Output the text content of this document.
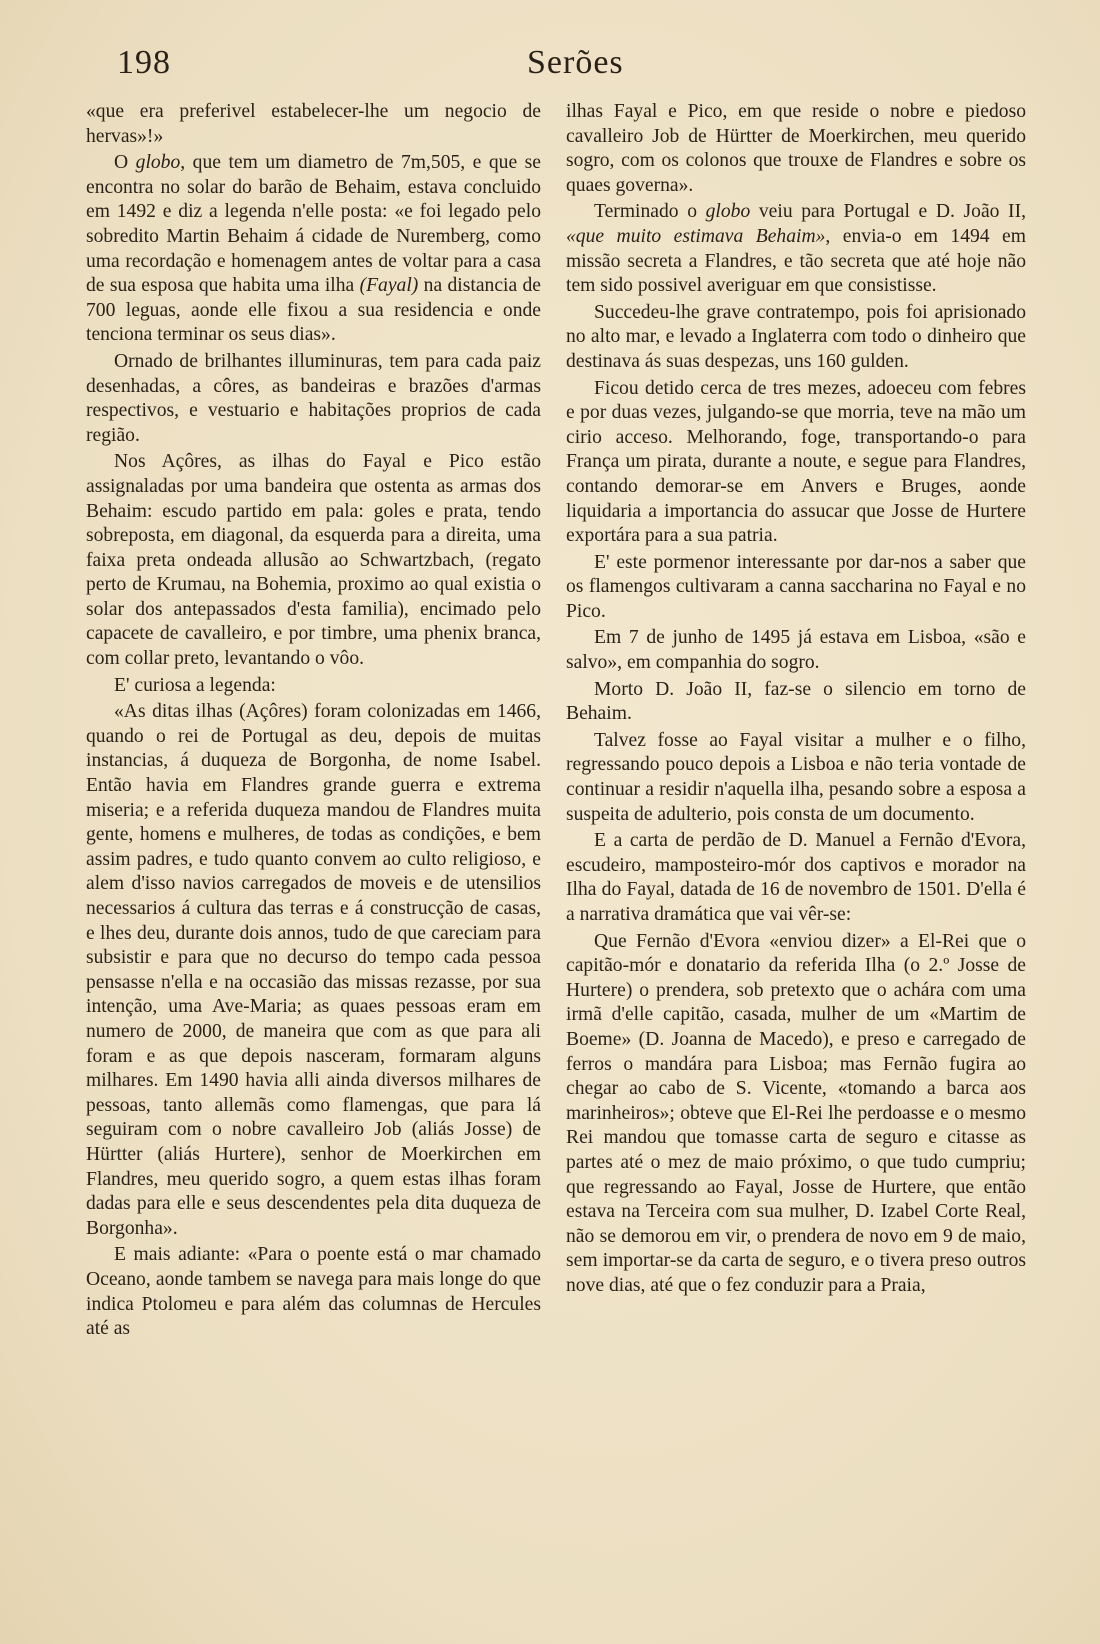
198	Serões

«que era preferivel estabelecer-lhe um negocio de hervas»!»

O globo, que tem um diametro de 7m,505, e que se encontra no solar do barão de Behaim, estava concluido em 1492 e diz a legenda n'elle posta: «e foi legado pelo sobredito Martin Behaim á cidade de Nuremberg, como uma recordação e homenagem antes de voltar para a casa de sua esposa que habita uma ilha (Fayal) na distancia de 700 leguas, aonde elle fixou a sua residencia e onde tenciona terminar os seus dias».

Ornado de brilhantes illuminuras, tem para cada paiz desenhadas, a côres, as bandeiras e brazões d'armas respectivos, e vestuario e habitações proprios de cada região.

Nos Açôres, as ilhas do Fayal e Pico estão assignaladas por uma bandeira que ostenta as armas dos Behaim: escudo partido em pala: goles e prata, tendo sobreposta, em diagonal, da esquerda para a direita, uma faixa preta ondeada allusão ao Schwartzbach, (regato perto de Krumau, na Bohemia, proximo ao qual existia o solar dos antepassados d'esta familia), encimado pelo capacete de cavalleiro, e por timbre, uma phenix branca, com collar preto, levantando o vôo.

E' curiosa a legenda:

«As ditas ilhas (Açôres) foram colonizadas em 1466, quando o rei de Portugal as deu, depois de muitas instancias, á duqueza de Borgonha, de nome Isabel. Então havia em Flandres grande guerra e extrema miseria; e a referida duqueza mandou de Flandres muita gente, homens e mulheres, de todas as condições, e bem assim padres, e tudo quanto convem ao culto religioso, e alem d'isso navios carregados de moveis e de utensilios necessarios á cultura das terras e á construcção de casas, e lhes deu, durante dois annos, tudo de que careciam para subsistir e para que no decurso do tempo cada pessoa pensasse n'ella e na occasião das missas rezasse, por sua intenção, uma Ave-Maria; as quaes pessoas eram em numero de 2000, de maneira que com as que para ali foram e as que depois nasceram, formaram alguns milhares. Em 1490 havia alli ainda diversos milhares de pessoas, tanto allemãs como flamengas, que para lá seguiram com o nobre cavalleiro Job (aliás Josse) de Hürtter (aliás Hurtere), senhor de Moerkirchen em Flandres, meu querido sogro, a quem estas ilhas foram dadas para elle e seus descendentes pela dita duqueza de Borgonha».

E mais adiante: «Para o poente está o mar chamado Oceano, aonde tambem se navega para mais longe do que indica Ptolomeu e para além das columnas de Hercules até as

ilhas Fayal e Pico, em que reside o nobre e piedoso cavalleiro Job de Hürtter de Moerkirchen, meu querido sogro, com os colonos que trouxe de Flandres e sobre os quaes governa».

Terminado o globo veiu para Portugal e D. João II, «que muito estimava Behaim», envia-o em 1494 em missão secreta a Flandres, e tão secreta que até hoje não tem sido possivel averiguar em que consistisse.

Succedeu-lhe grave contratempo, pois foi aprisionado no alto mar, e levado a Inglaterra com todo o dinheiro que destinava ás suas despezas, uns 160 gulden.

Ficou detido cerca de tres mezes, adoeceu com febres e por duas vezes, julgando-se que morria, teve na mão um cirio acceso. Melhorando, foge, transportando-o para França um pirata, durante a noute, e segue para Flandres, contando demorar-se em Anvers e Bruges, aonde liquidaria a importancia do assucar que Josse de Hurtere exportára para a sua patria.

E' este pormenor interessante por dar-nos a saber que os flamengos cultivaram a canna saccharina no Fayal e no Pico.

Em 7 de junho de 1495 já estava em Lisboa, «são e salvo», em companhia do sogro.

Morto D. João II, faz-se o silencio em torno de Behaim.

Talvez fosse ao Fayal visitar a mulher e o filho, regressando pouco depois a Lisboa e não teria vontade de continuar a residir n'aquella ilha, pesando sobre a esposa a suspeita de adulterio, pois consta de um documento.

E a carta de perdão de D. Manuel a Fernão d'Evora, escudeiro, mamposteiro-mór dos captivos e morador na Ilha do Fayal, datada de 16 de novembro de 1501. D'ella é a narrativa dramática que vai vêr-se:

Que Fernão d'Evora «enviou dizer» a El-Rei que o capitão-mór e donatario da referida Ilha (o 2.º Josse de Hurtere) o prendera, sob pretexto que o achára com uma irmã d'elle capitão, casada, mulher de um «Martim de Boeme» (D. Joanna de Macedo), e preso e carregado de ferros o mandára para Lisboa; mas Fernão fugira ao chegar ao cabo de S. Vicente, «tomando a barca aos marinheiros»; obteve que El-Rei lhe perdoasse e o mesmo Rei mandou que tomasse carta de seguro e citasse as partes até o mez de maio próximo, o que tudo cumpriu; que regressando ao Fayal, Josse de Hurtere, que então estava na Terceira com sua mulher, D. Izabel Corte Real, não se demorou em vir, o prendera de novo em 9 de maio, sem importar-se da carta de seguro, e o tivera preso outros nove dias, até que o fez conduzir para a Praia,
